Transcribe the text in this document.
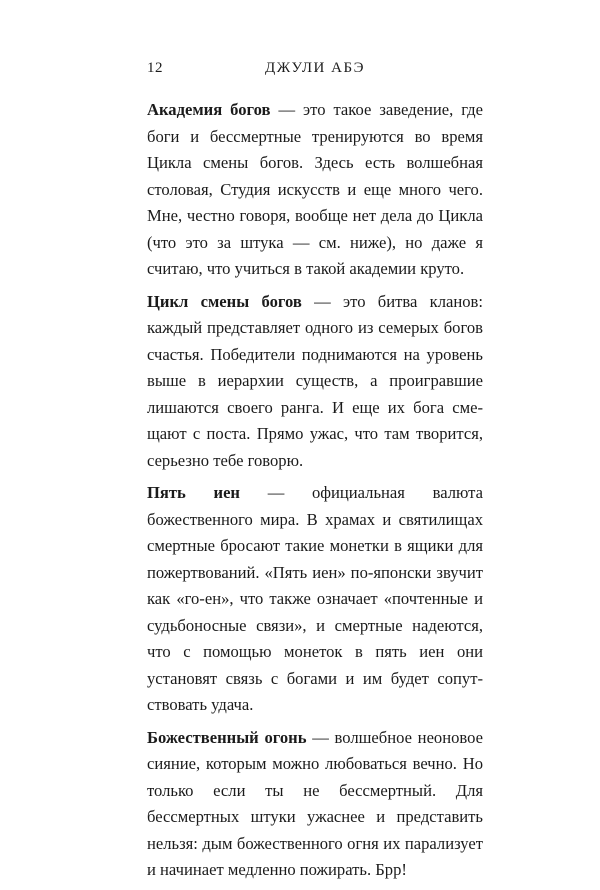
12	ДЖУЛИ АБЭ

Академия богов — это такое заведение, где боги и бессмертные тренируются во время Цикла смены богов. Здесь есть волшебная столовая, Студия искусств и еще много чего. Мне, честно говоря, вообще нет дела до Цикла (что это за штука — см. ниже), но даже я считаю, что учиться в такой академии круто.

Цикл смены богов — это битва кланов: каждый представляет одного из семерых богов счастья. Победители поднимаются на уровень выше в иерархии существ, а проигравшие лишаются своего ранга. И еще их бога смещают с поста. Прямо ужас, что там творится, серьезно тебе говорю.

Пять иен — официальная валюта божественного мира. В храмах и святилищах смертные бросают такие монетки в ящики для пожертвований. «Пять иен» по-японски звучит как «го-ен», что также означает «почтенные и судьбоносные связи», и смертные надеются, что с помощью монеток в пять иен они установят связь с богами и им будет сопутствовать удача.

Божественный огонь — волшебное неоновое сияние, которым можно любоваться вечно. Но только если ты не бессмертный. Для бессмертных штуки ужаснее и представить нельзя: дым божественного огня их парализует и начинает медленно пожирать. Брр!
